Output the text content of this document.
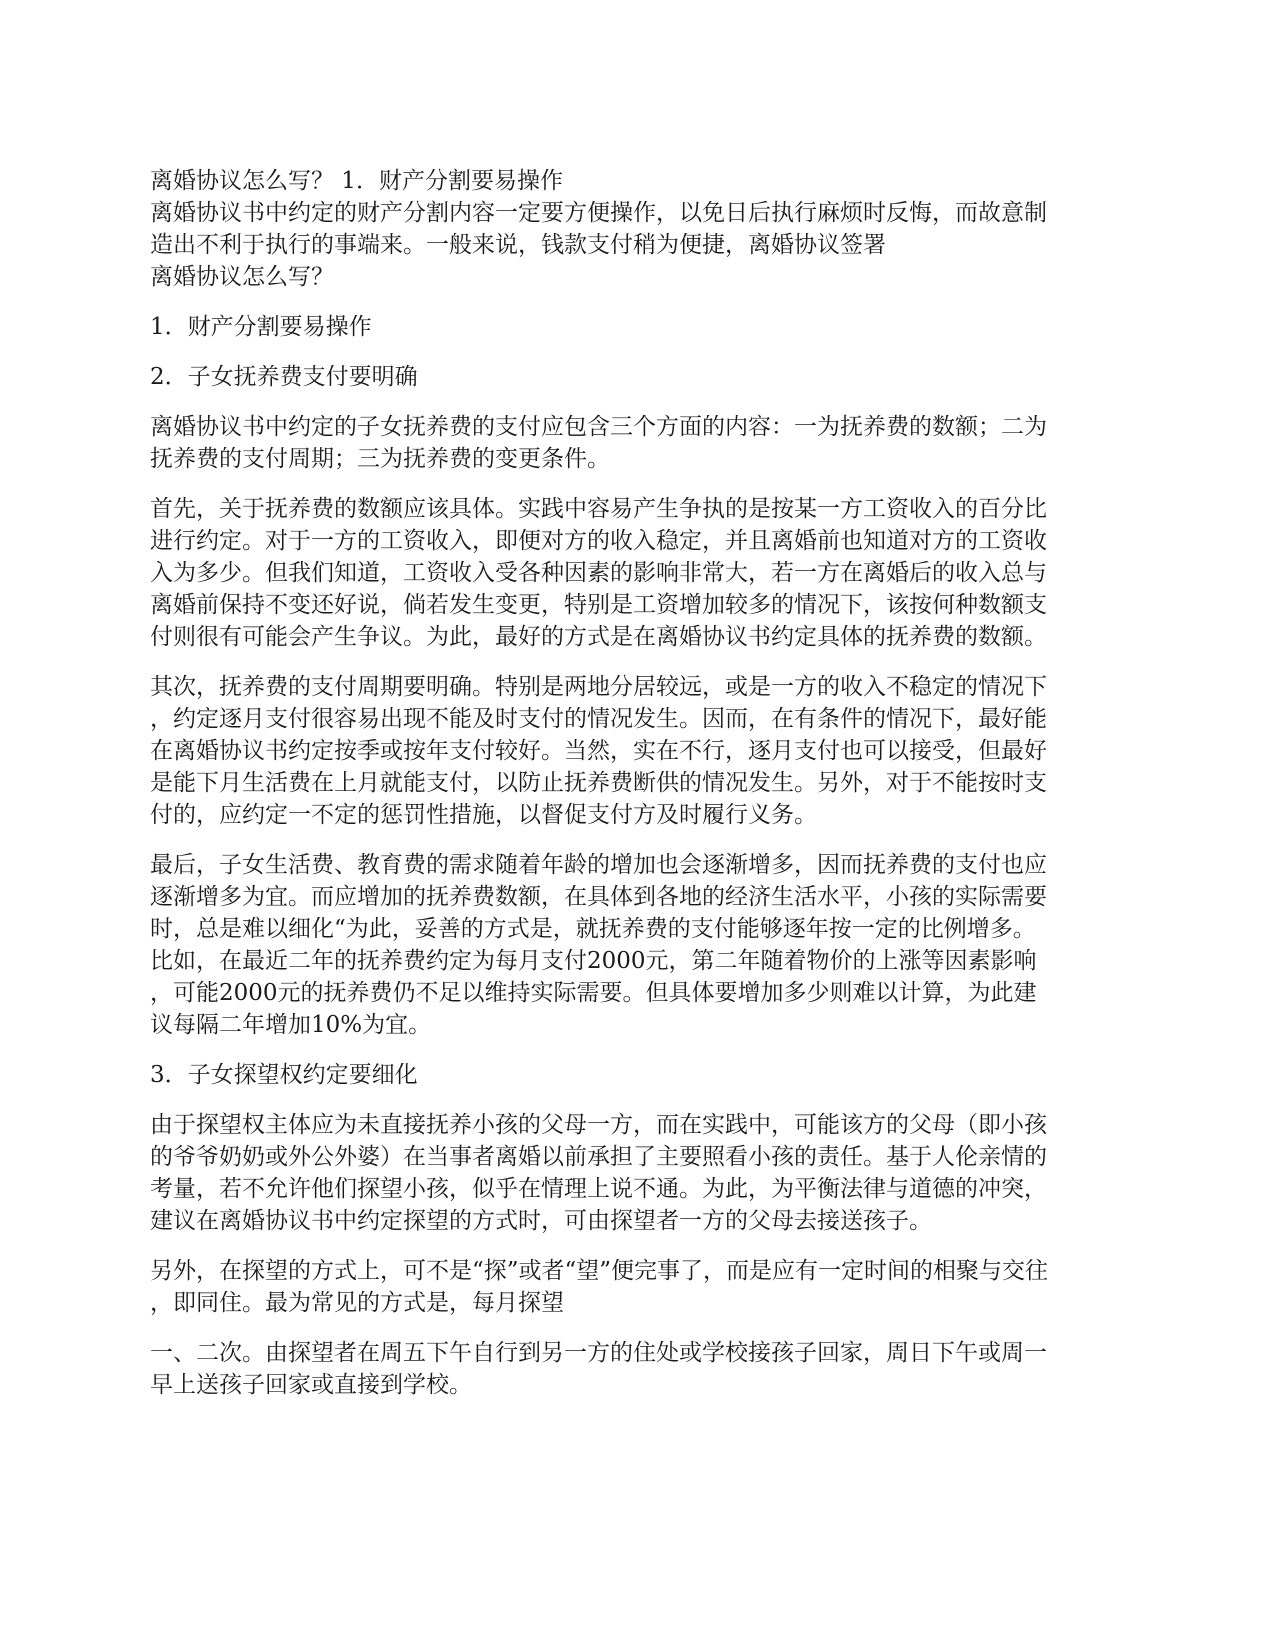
离婚协议怎么写？ 1．财产分割要易操作
离婚协议书中约定的财产分割内容一定要方便操作，以免日后执行麻烦时反悔，而故意制
造出不利于执行的事端来。一般来说，钱款支付稍为便捷，离婚协议签署
离婚协议怎么写？
1．财产分割要易操作
2．子女抚养费支付要明确
离婚协议书中约定的子女抚养费的支付应包含三个方面的内容：一为抚养费的数额；二为
抚养费的支付周期；三为抚养费的变更条件。
首先，关于抚养费的数额应该具体。实践中容易产生争执的是按某一方工资收入的百分比
进行约定。对于一方的工资收入，即便对方的收入稳定，并且离婚前也知道对方的工资收
入为多少。但我们知道，工资收入受各种因素的影响非常大，若一方在离婚后的收入总与
离婚前保持不变还好说，倘若发生变更，特别是工资增加较多的情况下，该按何种数额支
付则很有可能会产生争议。为此，最好的方式是在离婚协议书约定具体的抚养费的数额。
其次，抚养费的支付周期要明确。特别是两地分居较远，或是一方的收入不稳定的情况下
，约定逐月支付很容易出现不能及时支付的情况发生。因而，在有条件的情况下，最好能
在离婚协议书约定按季或按年支付较好。当然，实在不行，逐月支付也可以接受，但最好
是能下月生活费在上月就能支付，以防止抚养费断供的情况发生。另外，对于不能按时支
付的，应约定一不定的惩罚性措施，以督促支付方及时履行义务。
最后，子女生活费、教育费的需求随着年龄的增加也会逐渐增多，因而抚养费的支付也应
逐渐增多为宜。而应增加的抚养费数额，在具体到各地的经济生活水平，小孩的实际需要
时，总是难以细化“为此，妥善的方式是，就抚养费的支付能够逐年按一定的比例增多。
比如，在最近二年的抚养费约定为每月支付2000元，第二年随着物价的上涨等因素影响
，可能2000元的抚养费仍不足以维持实际需要。但具体要增加多少则难以计算，为此建
议每隔二年增加10%为宜。
3．子女探望权约定要细化
由于探望权主体应为未直接抚养小孩的父母一方，而在实践中，可能该方的父母（即小孩
的爷爷奶奶或外公外婆）在当事者离婚以前承担了主要照看小孩的责任。基于人伦亲情的
考量，若不允许他们探望小孩，似乎在情理上说不通。为此，为平衡法律与道德的冲突，
建议在离婚协议书中约定探望的方式时，可由探望者一方的父母去接送孩子。
另外，在探望的方式上，可不是“探”或者“望”便完事了，而是应有一定时间的相聚与交往
，即同住。最为常见的方式是，每月探望
一、二次。由探望者在周五下午自行到另一方的住处或学校接孩子回家，周日下午或周一
早上送孩子回家或直接到学校。
